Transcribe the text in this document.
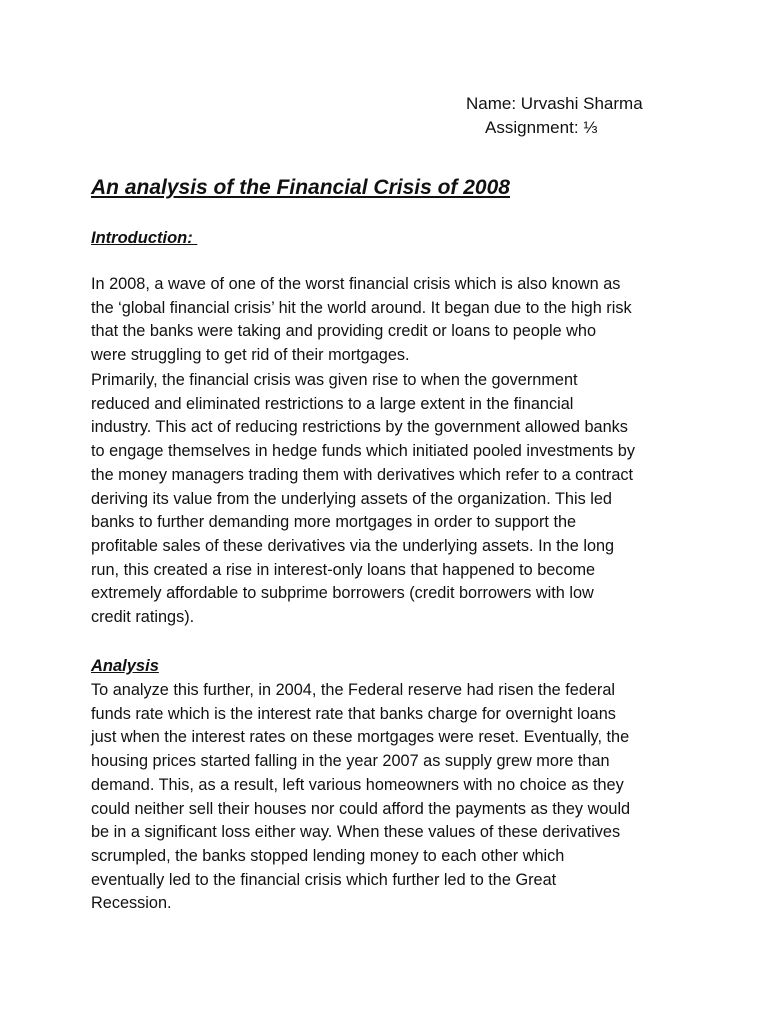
Name: Urvashi Sharma
Assignment: ⅓
An analysis of the Financial Crisis of 2008
Introduction:

In 2008, a wave of one of the worst financial crisis which is also known as
the ‘global financial crisis’ hit the world around. It began due to the high risk
that the banks were taking and providing credit or loans to people who
were struggling to get rid of their mortgages.

Primarily, the financial crisis was given rise to when the government
reduced and eliminated restrictions to a large extent in the financial
industry. This act of reducing restrictions by the government allowed banks
to engage themselves in hedge funds which initiated pooled investments by
the money managers trading them with derivatives which refer to a contract
deriving its value from the underlying assets of the organization. This led
banks to further demanding more mortgages in order to support the
profitable sales of these derivatives via the underlying assets. In the long
run, this created a rise in interest-only loans that happened to become
extremely affordable to subprime borrowers (credit borrowers with low
credit ratings).

Analysis

To analyze this further, in 2004, the Federal reserve had risen the federal
funds rate which is the interest rate that banks charge for overnight loans
just when the interest rates on these mortgages were reset. Eventually, the
housing prices started falling in the year 2007 as supply grew more than
demand. This, as a result, left various homeowners with no choice as they
could neither sell their houses nor could afford the payments as they would
be in a significant loss either way. When these values of these derivatives
scrumpled, the banks stopped lending money to each other which
eventually led to the financial crisis which further led to the Great
Recession.
